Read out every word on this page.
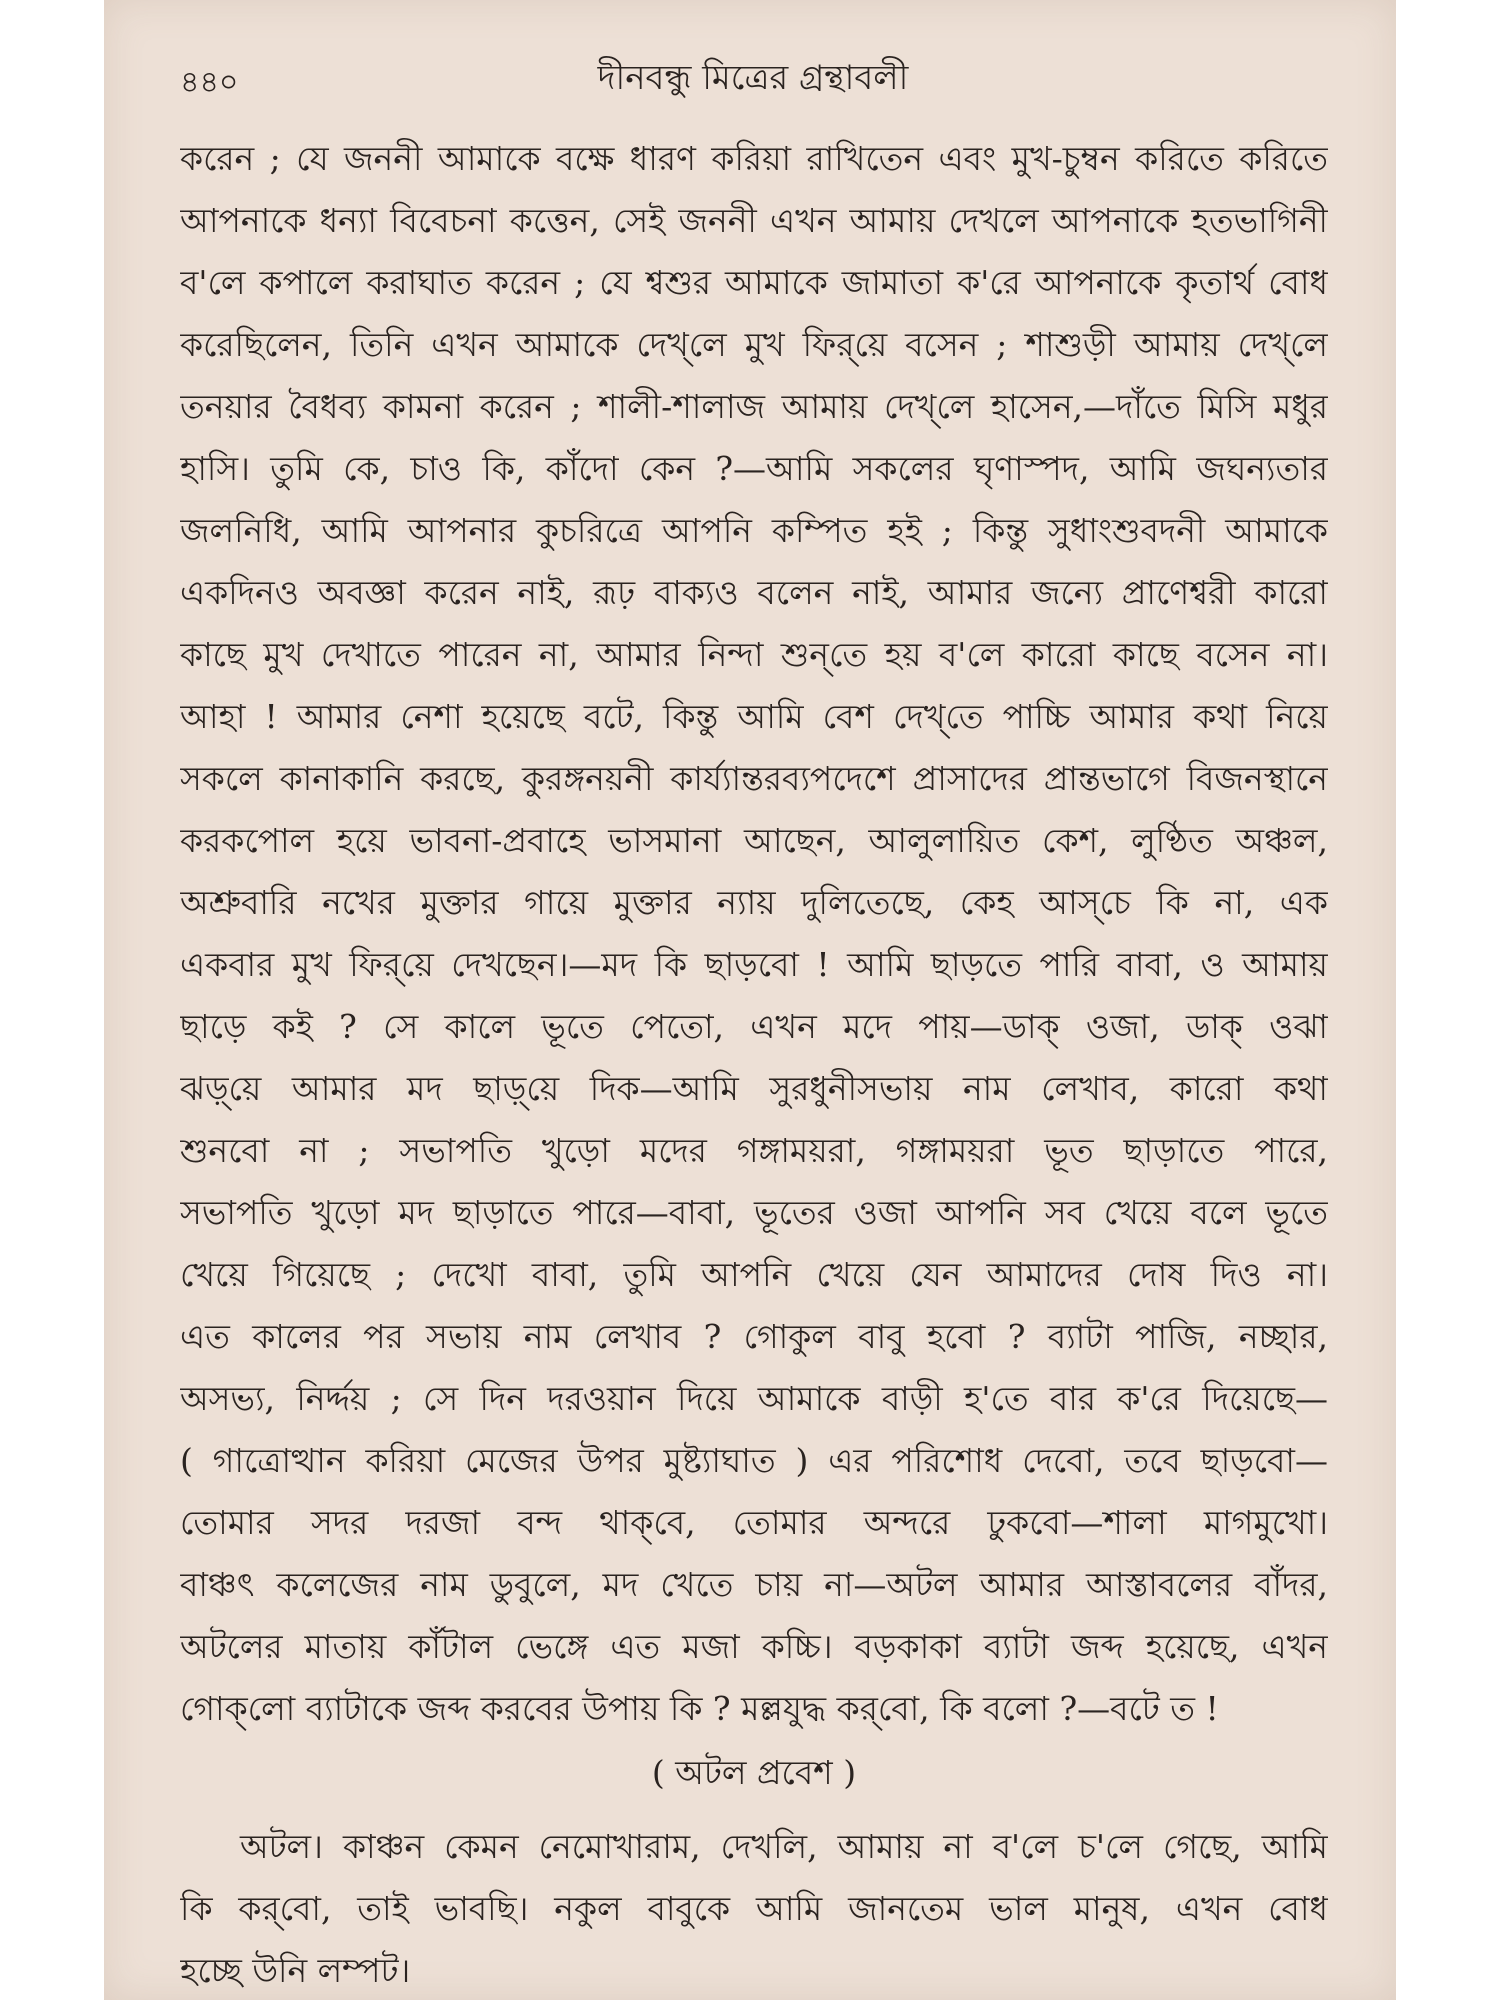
৪৪০	দীনবন্ধু মিত্রের গ্রন্থাবলী
করেন ; যে জননী আমাকে বক্ষে ধারণ করিয়া রাখিতেন এবং মুখ-চুম্বন করিতে করিতে
আপনাকে ধন্যা বিবেচনা কত্তেন, সেই জননী এখন আমায় দেখলে আপনাকে হতভাগিনী
ব'লে কপালে করাঘাত করেন ; যে শ্বশুর আমাকে জামাতা ক'রে আপনাকে কৃতার্থ বোধ
করেছিলেন, তিনি এখন আমাকে দেখ্‌লে মুখ ফির্‌য়ে বসেন ; শাশুড়ী আমায় দেখ্‌লে
তনয়ার বৈধব্য কামনা করেন ; শালী-শালাজ আমায় দেখ্‌লে হাসেন,—দাঁতে মিসি মধুর
হাসি। তুমি কে, চাও কি, কাঁদো কেন ?—আমি সকলের ঘৃণাস্পদ, আমি জঘন্যতার
জলনিধি, আমি আপনার কুচরিত্রে আপনি কম্পিত হই ; কিন্তু সুধাংশুবদনী আমাকে
একদিনও অবজ্ঞা করেন নাই, রূঢ় বাক্যও বলেন নাই, আমার জন্যে প্রাণেশ্বরী কারো
কাছে মুখ দেখাতে পারেন না, আমার নিন্দা শুন্‌তে হয় ব'লে কারো কাছে বসেন না।
আহা ! আমার নেশা হয়েছে বটে, কিন্তু আমি বেশ দেখ্‌তে পাচ্চি আমার কথা নিয়ে
সকলে কানাকানি করছে, কুরঙ্গনয়নী কার্য্যান্তরব্যপদেশে প্রাসাদের প্রান্তভাগে বিজনস্থানে
করকপোল হয়ে ভাবনা-প্রবাহে ভাসমানা আছেন, আলুলায়িত কেশ, লুণ্ঠিত অঞ্চল,
অশ্রুবারি নখের মুক্তার গায়ে মুক্তার ন্যায় দুলিতেছে, কেহ আস্‌চে কি না, এক
একবার মুখ ফির্‌য়ে দেখছেন।—মদ কি ছাড়বো ! আমি ছাড়তে পারি বাবা, ও আমায়
ছাড়ে কই ? সে কালে ভূতে পেতো, এখন মদে পায়—ডাক্‌ ওজা, ডাক্‌ ওঝা
ঝড়্‌য়ে আমার মদ ছাড়্‌য়ে দিক—আমি সুরধুনীসভায় নাম লেখাব, কারো কথা
শুনবো না ; সভাপতি খুড়ো মদের গঙ্গাময়রা, গঙ্গাময়রা ভূত ছাড়াতে পারে,
সভাপতি খুড়ো মদ ছাড়াতে পারে—বাবা, ভূতের ওজা আপনি সব খেয়ে বলে ভূতে
খেয়ে গিয়েছে ; দেখো বাবা, তুমি আপনি খেয়ে যেন আমাদের দোষ দিও না।
এত কালের পর সভায় নাম লেখাব ? গোকুল বাবু হবো ? ব্যাটা পাজি, নচ্ছার,
অসভ্য, নির্দ্দয় ; সে দিন দরওয়ান দিয়ে আমাকে বাড়ী হ'তে বার ক'রে দিয়েছে—
( গাত্রোত্থান করিয়া মেজের উপর মুষ্ট্যাঘাত ) এর পরিশোধ দেবো, তবে ছাড়বো—
তোমার সদর দরজা বন্দ থাক্‌বে, তোমার অন্দরে ঢুকবো—শালা মাগমুখো।
বাঞ্চৎ কলেজের নাম ডুবুলে, মদ খেতে চায় না—অটল আমার আস্তাবলের বাঁদর,
অটলের মাতায় কাঁটাল ভেঙ্গে এত মজা কচ্চি। বড়কাকা ব্যাটা জব্দ হয়েছে, এখন
গোক্‌লো ব্যাটাকে জব্দ করবের উপায় কি ? মল্লযুদ্ধ কর্‌বো, কি বলো ?—বটে ত !
( অটল প্রবেশ )
অটল। কাঞ্চন কেমন নেমোখারাম, দেখলি, আমায় না ব'লে চ'লে গেছে, আমি
কি কর্‌বো, তাই ভাবছি। নকুল বাবুকে আমি জানতেম ভাল মানুষ, এখন বোধ
হচ্ছে উনি লম্পট।
